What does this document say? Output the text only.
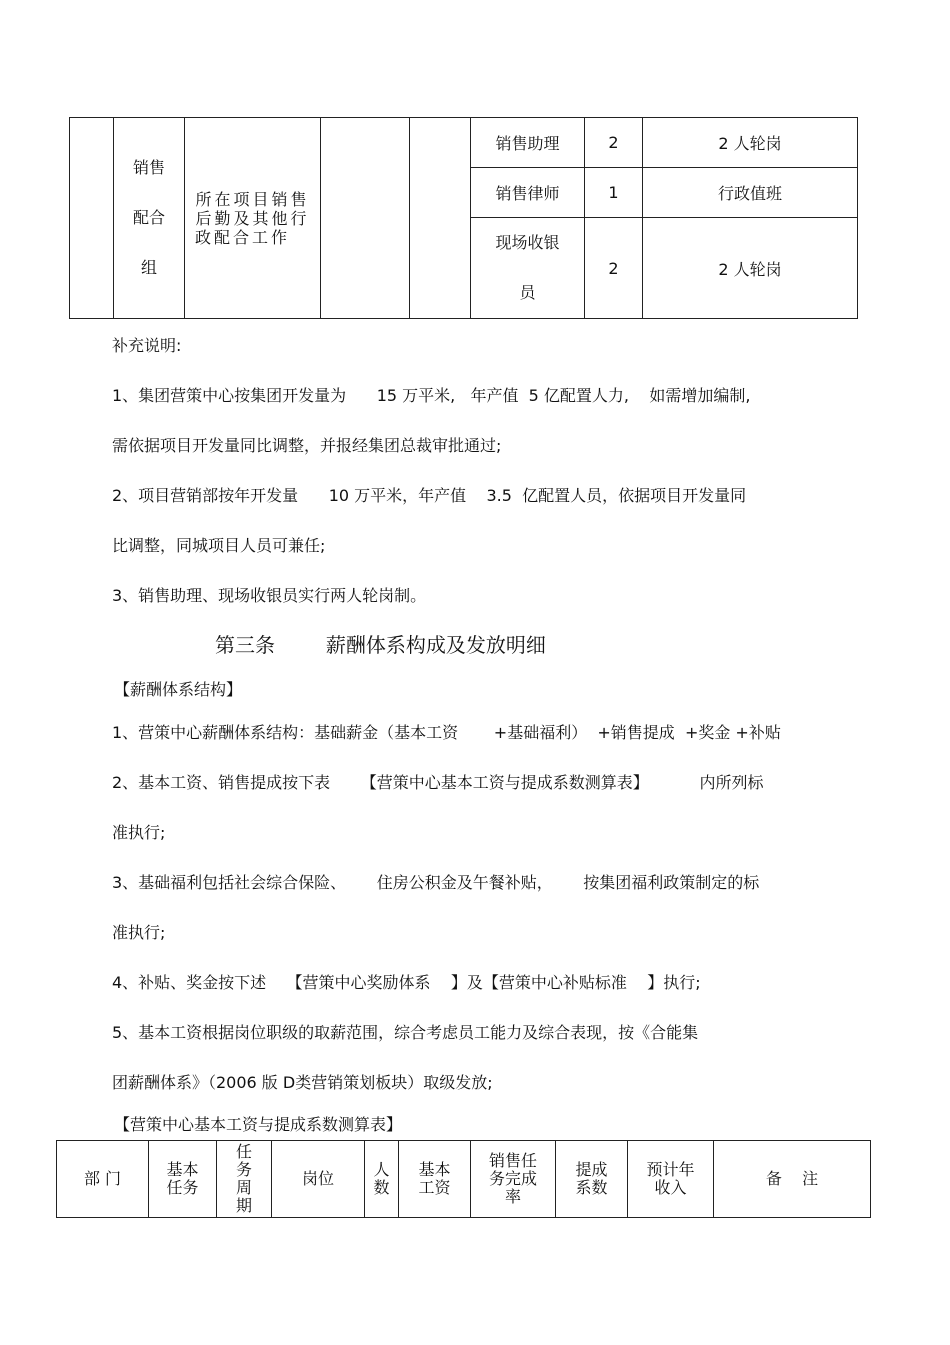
	销售
配合
组	所在项目销售后勤及其他行政配合工作			销售助理	2	2 人轮岗
					销售律师	1	行政值班

					现场收银
员	2	2 人轮岗

补充说明:

1、集团营策中心按集团开发量为      15 万平米,   年产值  5 亿配置人力,    如需增加编制,

需依据项目开发量同比调整，并报经集团总裁审批通过;

2、项目营销部按年开发量      10 万平米，年产值    3.5  亿配置人员，依据项目开发量同

比调整，同城项目人员可兼任;

3、销售助理、现场收银员实行两人轮岗制。

第三条        薪酬体系构成及发放明细

【薪酬体系结构】

1、营策中心薪酬体系结构：基础薪金（基本工资       +基础福利）  +销售提成  +奖金 +补贴

2、基本工资、销售提成按下表      【营策中心基本工资与提成系数测算表】          内所列标

准执行;

3、基础福利包括社会综合保险、      住房公积金及午餐补贴，      按集团福利政策制定的标

准执行;

4、补贴、奖金按下述    【营策中心奖励体系    】及【营策中心补贴标准    】执行;

5、基本工资根据岗位职级的取薪范围，综合考虑员工能力及综合表现，按《合能集

团薪酬体系》（2006 版 D类营销策划板块）取级发放;

【营策中心基本工资与提成系数测算表】

部 门	基本任务	任务周期	岗位	人数	基本工资	销售任务完成率	提成系数	预计年收入	备    注
